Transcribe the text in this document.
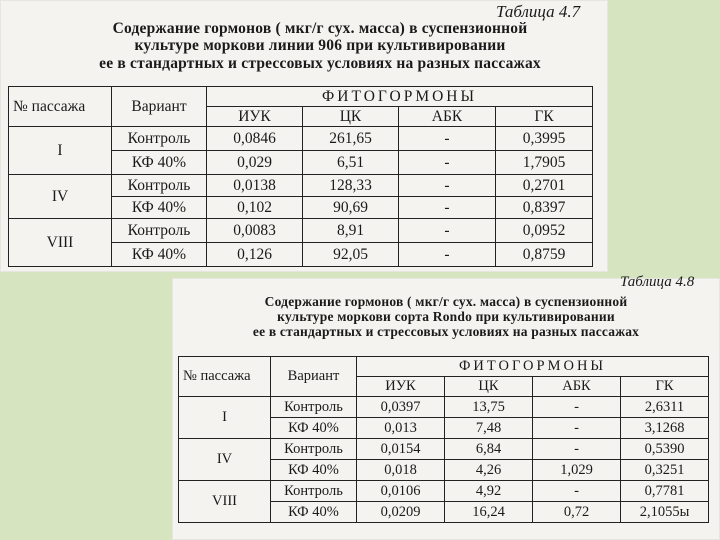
Таблица 4.7
Содержание гормонов ( мкг/г сух. масса) в суспензионной
культуре моркови линии 906 при культивировании
ее в стандартных и стрессовых условиях на разных пассажах
№ пассажа	Вариант	ФИТОГОРМОНЫ			
		ИУК	ЦК	АБК	ГК
I	Контроль	0,0846	261,65	-	0,3995
	КФ 40%	0,029	6,51	-	1,7905
IV	Контроль	0,0138	128,33	-	0,2701
	КФ 40%	0,102	90,69	-	0,8397
VIII	Контроль	0,0083	8,91	-	0,0952
	КФ 40%	0,126	92,05	-	0,8759
Таблица 4.8
Содержание гормонов ( мкг/г сух. масса) в суспензионной
культуре моркови сорта Rondo при культивировании
ее в стандартных и стрессовых условиях на разных пассажах
№ пассажа	Вариант	ФИТОГОРМОНЫ			
		ИУК	ЦК	АБК	ГК
I	Контроль	0,0397	13,75	-	2,6311
	КФ 40%	0,013	7,48	-	3,1268
IV	Контроль	0,0154	6,84	-	0,5390
	КФ 40%	0,018	4,26	1,029	0,3251
VIII	Контроль	0,0106	4,92	-	0,7781
	КФ 40%	0,0209	16,24	0,72	2,1055ы
